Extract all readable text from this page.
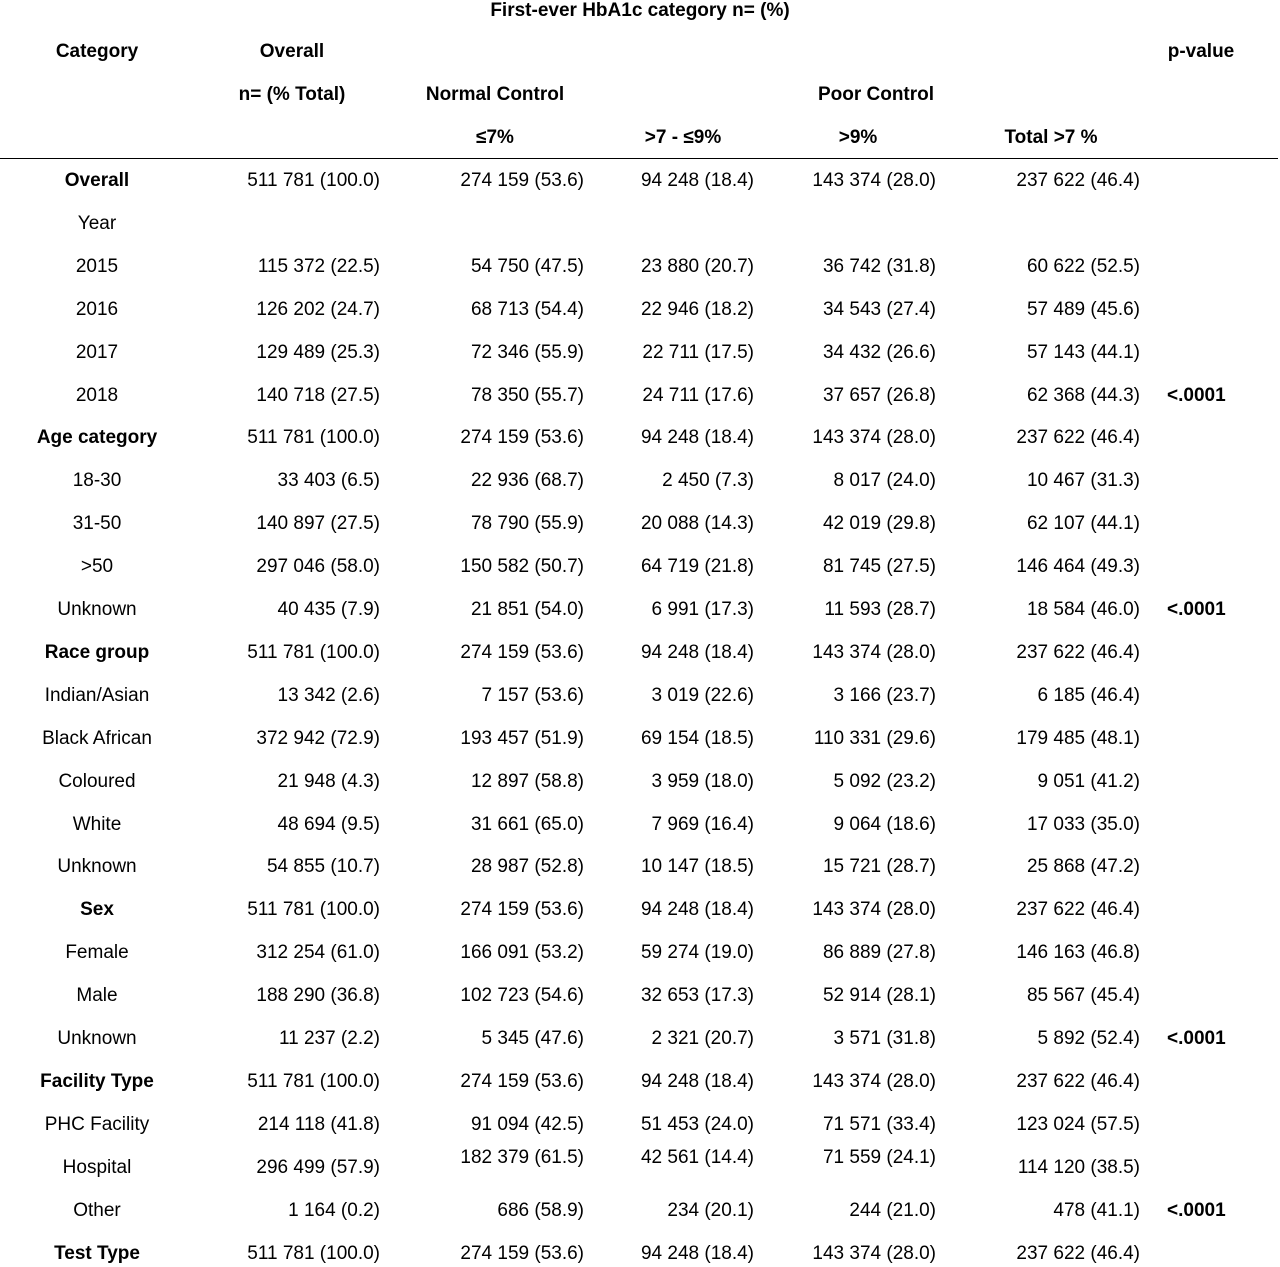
First-ever HbA1c category n= (%)
Category	Overall	p-value
n= (% Total)	Normal Control	Poor Control
≤7%	>7 - ≤9%	>9%	Total >7 %
Overall	511 781 (100.0)	274 159 (53.6)	94 248 (18.4)	143 374 (28.0)	237 622 (46.4)
Year
2015	115 372 (22.5)	54 750 (47.5)	23 880 (20.7)	36 742 (31.8)	60 622 (52.5)
2016	126 202 (24.7)	68 713 (54.4)	22 946 (18.2)	34 543 (27.4)	57 489 (45.6)
2017	129 489 (25.3)	72 346 (55.9)	22 711 (17.5)	34 432 (26.6)	57 143 (44.1)
2018	140 718 (27.5)	78 350 (55.7)	24 711 (17.6)	37 657 (26.8)	62 368 (44.3) <.0001
Age category	511 781 (100.0)	274 159 (53.6)	94 248 (18.4)	143 374 (28.0)	237 622 (46.4)
18-30	33 403 (6.5)	22 936 (68.7)	2 450 (7.3)	8 017 (24.0)	10 467 (31.3)
31-50	140 897 (27.5)	78 790 (55.9)	20 088 (14.3)	42 019 (29.8)	62 107 (44.1)
>50	297 046 (58.0)	150 582 (50.7)	64 719 (21.8)	81 745 (27.5)	146 464 (49.3)
Unknown	40 435 (7.9)	21 851 (54.0)	6 991 (17.3)	11 593 (28.7)	18 584 (46.0) <.0001
Race group	511 781 (100.0)	274 159 (53.6)	94 248 (18.4)	143 374 (28.0)	237 622 (46.4)
Indian/Asian	13 342 (2.6)	7 157 (53.6)	3 019 (22.6)	3 166 (23.7)	6 185 (46.4)
Black African	372 942 (72.9)	193 457 (51.9)	69 154 (18.5)	110 331 (29.6)	179 485 (48.1)
Coloured	21 948 (4.3)	12 897 (58.8)	3 959 (18.0)	5 092 (23.2)	9 051 (41.2)
White	48 694 (9.5)	31 661 (65.0)	7 969 (16.4)	9 064 (18.6)	17 033 (35.0)
Unknown	54 855 (10.7)	28 987 (52.8)	10 147 (18.5)	15 721 (28.7)	25 868 (47.2)
Sex	511 781 (100.0)	274 159 (53.6)	94 248 (18.4)	143 374 (28.0)	237 622 (46.4)
Female	312 254 (61.0)	166 091 (53.2)	59 274 (19.0)	86 889 (27.8)	146 163 (46.8)
Male	188 290 (36.8)	102 723 (54.6)	32 653 (17.3)	52 914 (28.1)	85 567 (45.4)
Unknown	11 237 (2.2)	5 345 (47.6)	2 321 (20.7)	3 571 (31.8)	5 892 (52.4) <.0001
Facility Type	511 781 (100.0)	274 159 (53.6)	94 248 (18.4)	143 374 (28.0)	237 622 (46.4)
PHC Facility	214 118 (41.8)	91 094 (42.5)	51 453 (24.0)	71 571 (33.4)	123 024 (57.5)
Hospital	296 499 (57.9)	182 379 (61.5)	42 561 (14.4)	71 559 (24.1)	114 120 (38.5)
Other	1 164 (0.2)	686 (58.9)	234 (20.1)	244 (21.0)	478 (41.1) <.0001
Test Type	511 781 (100.0)	274 159 (53.6)	94 248 (18.4)	143 374 (28.0)	237 622 (46.4)
